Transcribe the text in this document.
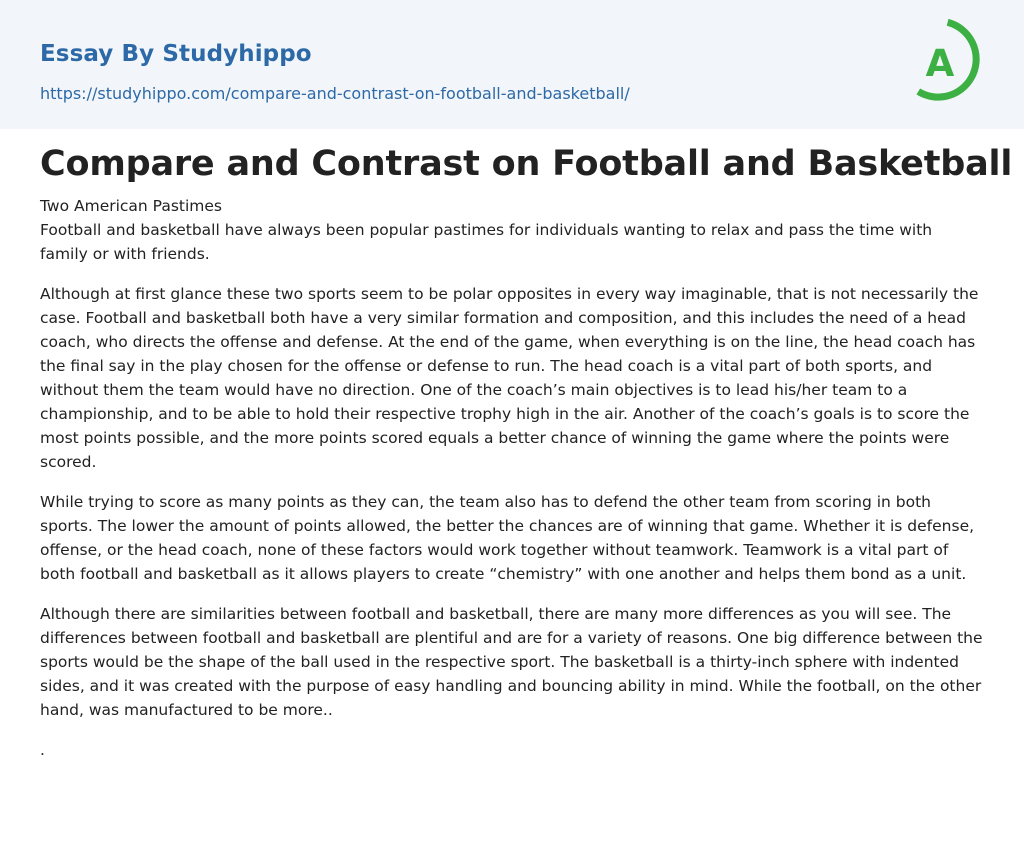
Essay By Studyhippo
https://studyhippo.com/compare-and-contrast-on-football-and-basketball/
A
Compare and Contrast on Football and Basketball

Two American Pastimes

Football and basketball have always been popular pastimes for individuals wanting to relax and pass the time with family or with friends.

Although at first glance these two sports seem to be polar opposites in every way imaginable, that is not necessarily the case. Football and basketball both have a very similar formation and composition, and this includes the need of a head coach, who directs the offense and defense. At the end of the game, when everything is on the line, the head coach has the final say in the play chosen for the offense or defense to run. The head coach is a vital part of both sports, and without them the team would have no direction. One of the coach’s main objectives is to lead his/her team to a championship, and to be able to hold their respective trophy high in the air. Another of the coach’s goals is to score the most points possible, and the more points scored equals a better chance of winning the game where the points were scored.

While trying to score as many points as they can, the team also has to defend the other team from scoring in both sports. The lower the amount of points allowed, the better the chances are of winning that game. Whether it is defense, offense, or the head coach, none of these factors would work together without teamwork. Teamwork is a vital part of both football and basketball as it allows players to create “chemistry” with one another and helps them bond as a unit.

Although there are similarities between football and basketball, there are many more differences as you will see. The differences between football and basketball are plentiful and are for a variety of reasons. One big difference between the sports would be the shape of the ball used in the respective sport. The basketball is a thirty-inch sphere with indented sides, and it was created with the purpose of easy handling and bouncing ability in mind. While the football, on the other hand, was manufactured to be more..

.
